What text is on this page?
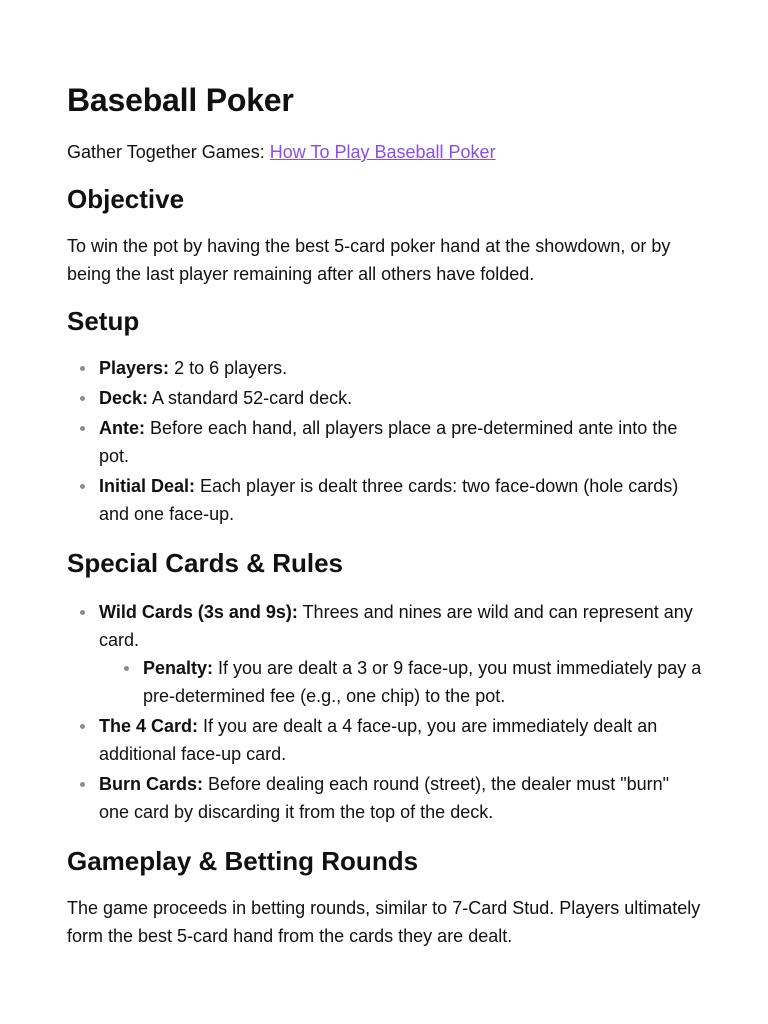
Baseball Poker

Gather Together Games: How To Play Baseball Poker

Objective

To win the pot by having the best 5-card poker hand at the showdown, or by being the last player remaining after all others have folded.

Setup
Players: 2 to 6 players.
Deck: A standard 52-card deck.
Ante: Before each hand, all players place a pre-determined ante into the pot.
Initial Deal: Each player is dealt three cards: two face-down (hole cards) and one face-up.
Special Cards & Rules
Wild Cards (3s and 9s): Threes and nines are wild and can represent any card.
Penalty: If you are dealt a 3 or 9 face-up, you must immediately pay a pre-determined fee (e.g., one chip) to the pot.
The 4 Card: If you are dealt a 4 face-up, you are immediately dealt an additional face-up card.
Burn Cards: Before dealing each round (street), the dealer must "burn" one card by discarding it from the top of the deck.
Gameplay & Betting Rounds

The game proceeds in betting rounds, similar to 7-Card Stud. Players ultimately form the best 5-card hand from the cards they are dealt.
